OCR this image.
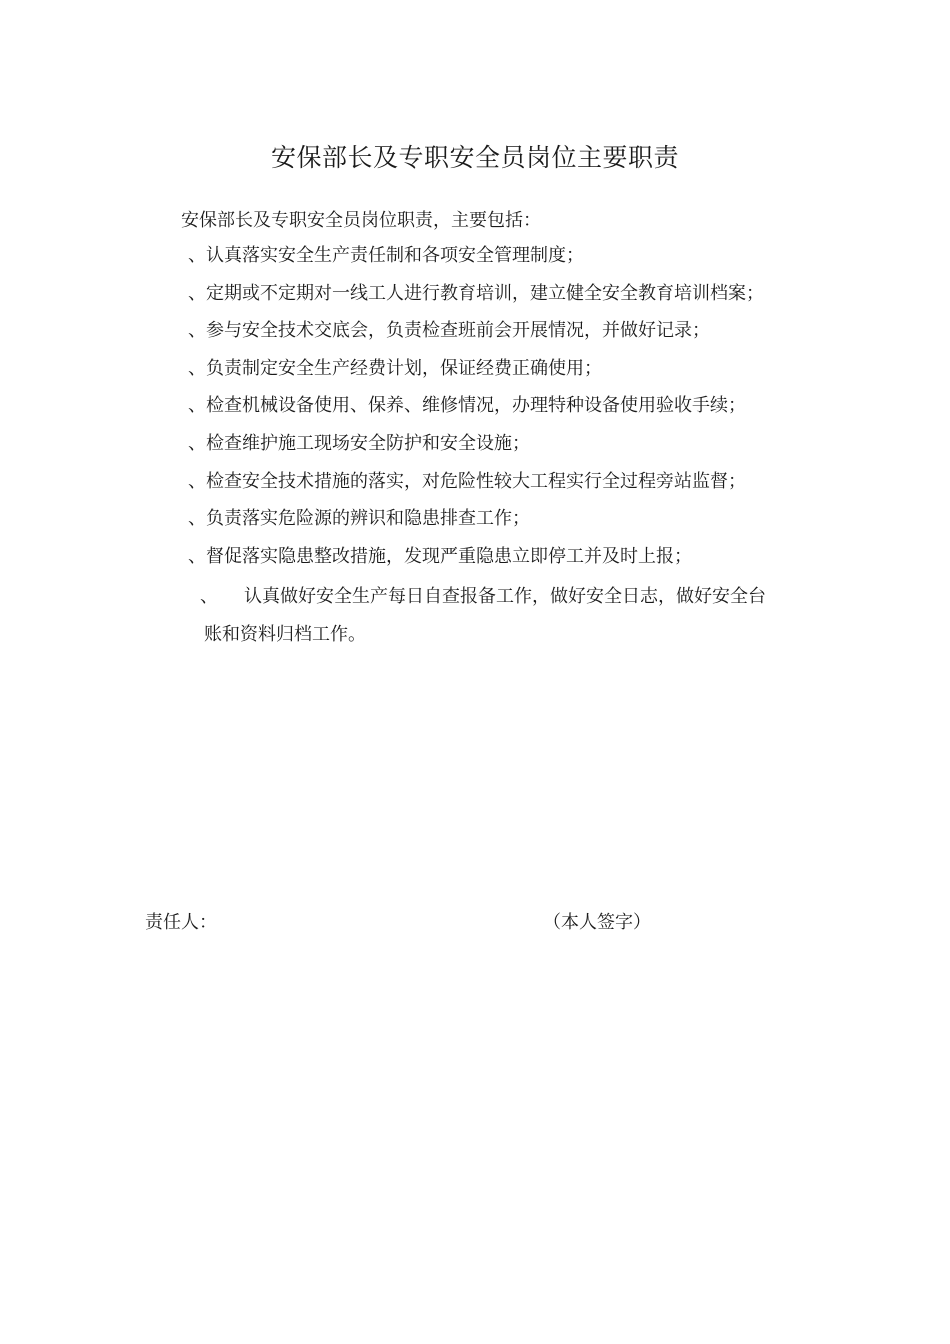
安保部长及专职安全员岗位主要职责
安保部长及专职安全员岗位职责，主要包括：
、认真落实安全生产责任制和各项安全管理制度；
、定期或不定期对一线工人进行教育培训，建立健全安全教育培训档案；
、参与安全技术交底会，负责检查班前会开展情况，并做好记录；
、负责制定安全生产经费计划，保证经费正确使用；
、检查机械设备使用、保养、维修情况，办理特种设备使用验收手续；
、检查维护施工现场安全防护和安全设施；
、检查安全技术措施的落实，对危险性较大工程实行全过程旁站监督；
、负责落实危险源的辨识和隐患排查工作；
、督促落实隐患整改措施，发现严重隐患立即停工并及时上报；
、 认真做好安全生产每日自查报备工作，做好安全日志，做好安全台
账和资料归档工作。
责任人：	（本人签字）
